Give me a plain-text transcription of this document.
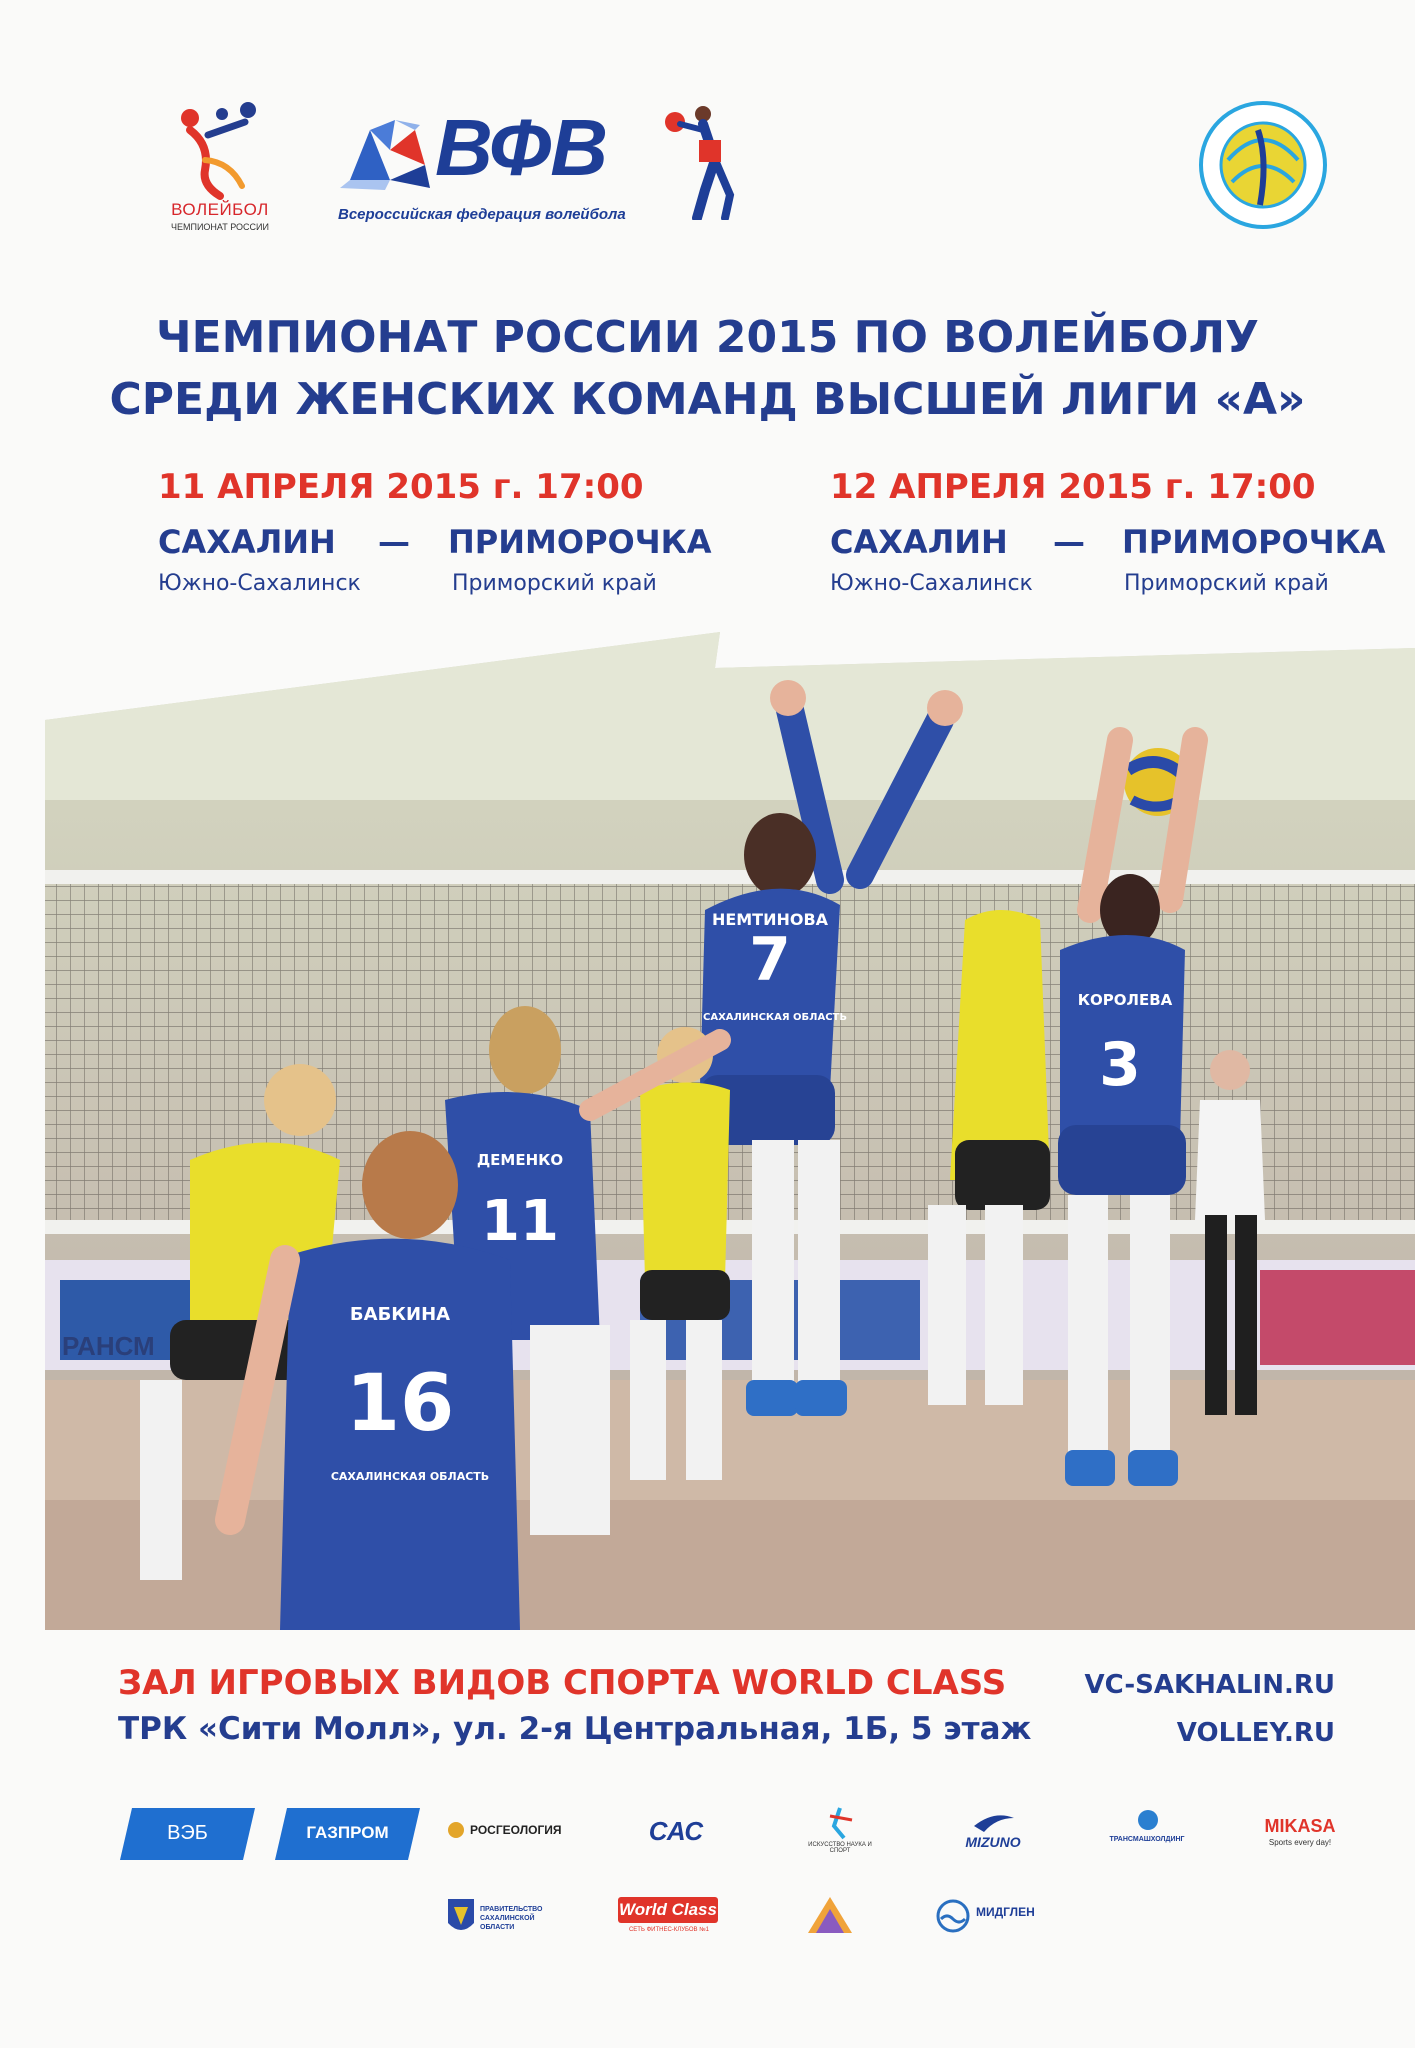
ВОЛЕЙБОЛ
ЧЕМПИОНАТ РОССИИ
ВФВ
Всероссийская федерация волейбола
ЧЕМПИОНАТ РОССИИ 2015 ПО ВОЛЕЙБОЛУ
СРЕДИ ЖЕНСКИХ КОМАНД ВЫСШЕЙ ЛИГИ «А»
11 АПРЕЛЯ 2015 г. 17:00
САХАЛИН — ПРИМОРОЧКА
Южно-Сахалинск	Приморский край
12 АПРЕЛЯ 2015 г. 17:00
САХАЛИН — ПРИМОРОЧКА
Южно-Сахалинск	Приморский край
РАНСМ
7
НЕМТИНОВА
САХАЛИНСКАЯ ОБЛАСТЬ
3
КОРОЛЕВА
11
ДЕМЕНКО
16
БАБКИНА
САХАЛИНСКАЯ ОБЛАСТЬ
ЗАЛ ИГРОВЫХ ВИДОВ СПОРТА WORLD CLASS
ТРК «Сити Молл», ул. 2-я Центральная, 1Б, 5 этаж
VC-SAKHALIN.RU
VOLLEY.RU
ВЭБ	ГАЗПРОМ	РОСГЕОЛОГИЯ	САС	ИСКУССТВО НАУКА И СПОРТ
MIZUNO	ТРАНСМАШХОЛДИНГ
MIKASA
Sports every day!
ПРАВИТЕЛЬСТВО САХАЛИНСКОЙ ОБЛАСТИ
World Class
СЕТЬ ФИТНЕС-КЛУБОВ №1
МИДГЛЕН
